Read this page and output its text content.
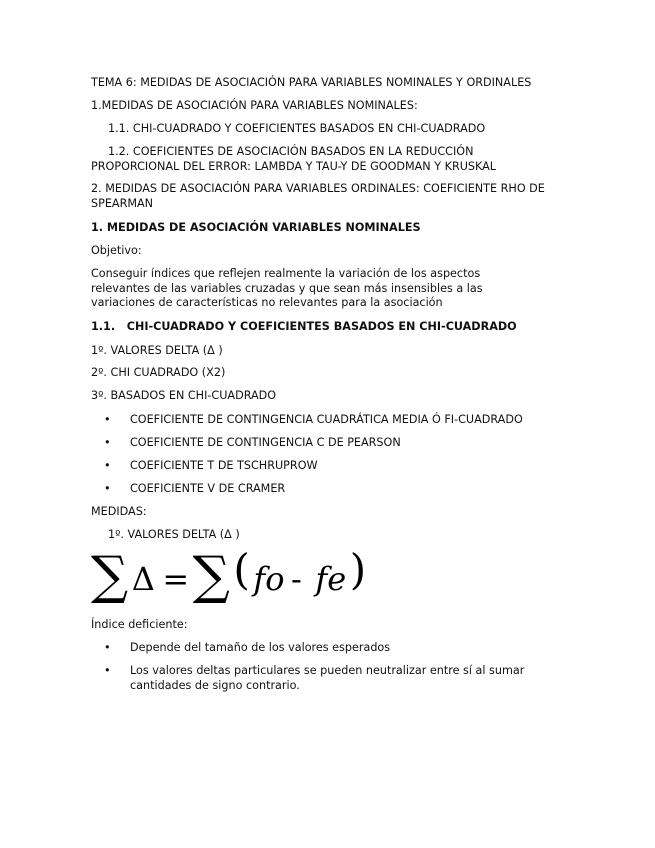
TEMA 6: MEDIDAS DE ASOCIACIÓN PARA VARIABLES NOMINALES Y ORDINALES
1.MEDIDAS DE ASOCIACIÓN PARA VARIABLES NOMINALES:
1.1. CHI-CUADRADO Y COEFICIENTES BASADOS EN CHI-CUADRADO
1.2. COEFICIENTES DE ASOCIACIÓN BASADOS EN LA REDUCCIÓN PROPORCIONAL DEL ERROR: LAMBDA Y TAU-Y DE GOODMAN Y KRUSKAL
2. MEDIDAS DE ASOCIACIÓN PARA VARIABLES ORDINALES: COEFICIENTE RHO DE SPEARMAN
1. MEDIDAS DE ASOCIACIÓN VARIABLES NOMINALES
Objetivo:
Conseguir índices que reflejen realmente la variación de los aspectos relevantes de las variables cruzadas y que sean más insensibles a las variaciones de características no relevantes para la asociación
1.1.   CHI-CUADRADO Y COEFICIENTES BASADOS EN CHI-CUADRADO
1º. VALORES DELTA (Δ )
2º. CHI CUADRADO (X2)
3º. BASADOS EN CHI-CUADRADO
• COEFICIENTE DE CONTINGENCIA CUADRÁTICA MEDIA Ó FI-CUADRADO
• COEFICIENTE DE CONTINGENCIA C DE PEARSON
• COEFICIENTE T DE TSCHRUPROW
• COEFICIENTE V DE CRAMER
MEDIDAS:
1º. VALORES DELTA (Δ )
∑ Δ = ∑ ( fo - fe )
Índice deficiente:
• Depende del tamaño de los valores esperados
• Los valores deltas particulares se pueden neutralizar entre sí al sumar cantidades de signo contrario.
